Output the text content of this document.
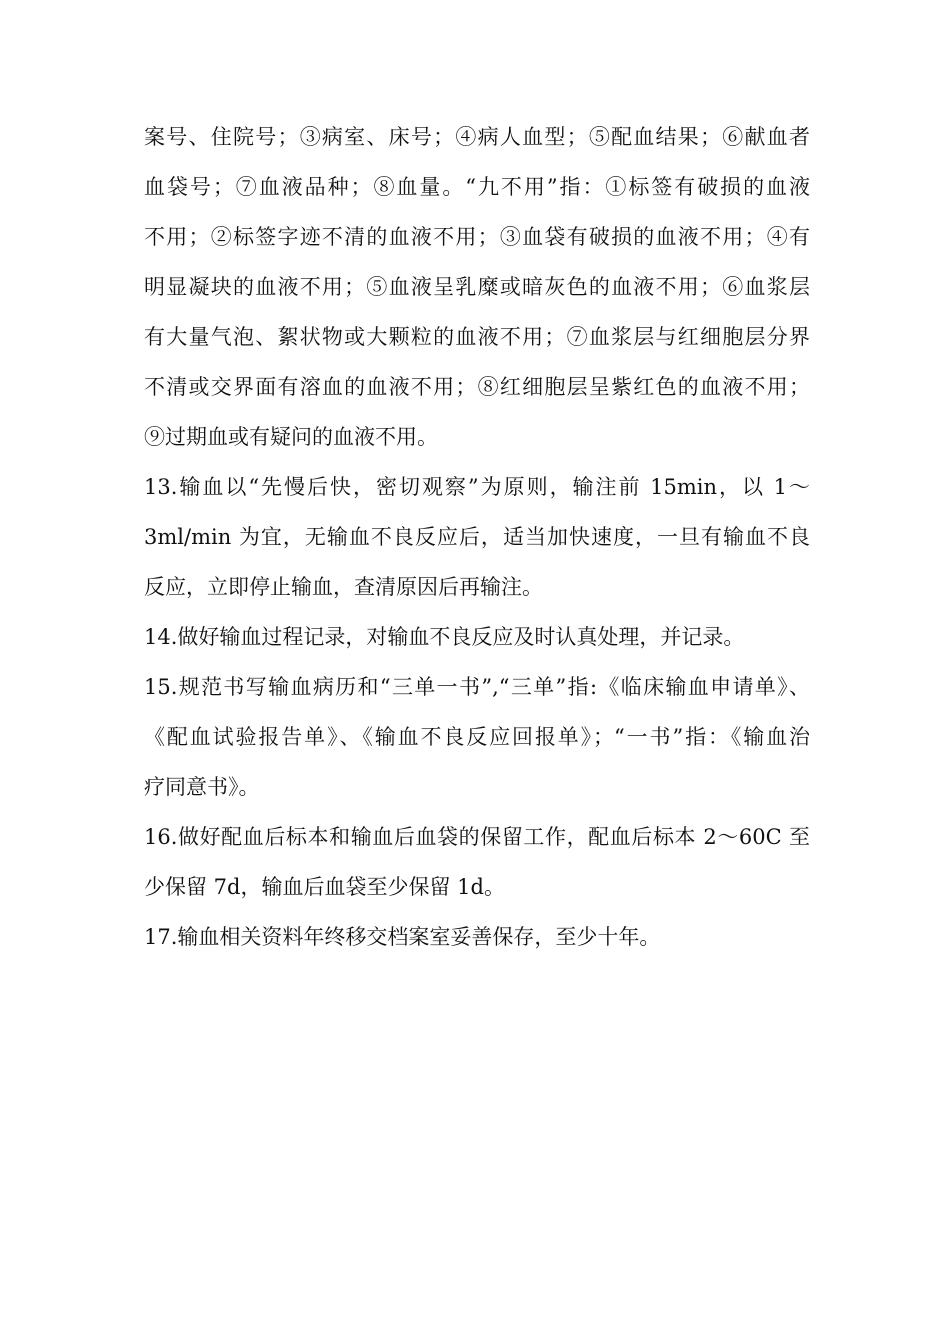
案号、住院号；③病室、床号；④病人血型；⑤配血结果；⑥献血者
血袋号；⑦血液品种；⑧血量。“九不用”指：①标签有破损的血液
不用；②标签字迹不清的血液不用；③血袋有破损的血液不用；④有
明显凝块的血液不用；⑤血液呈乳糜或暗灰色的血液不用；⑥血浆层
有大量气泡、絮状物或大颗粒的血液不用；⑦血浆层与红细胞层分界
不清或交界面有溶血的血液不用；⑧红细胞层呈紫红色的血液不用；
⑨过期血或有疑问的血液不用。
13.输血以“先慢后快，密切观察”为原则，输注前 15min，以 1～
3ml/min 为宜，无输血不良反应后，适当加快速度，一旦有输血不良
反应，立即停止输血，查清原因后再输注。
14.做好输血过程记录，对输血不良反应及时认真处理，并记录。
15.规范书写输血病历和“三单一书”,“三单”指:《临床输血申请单》、
《配血试验报告单》、《输血不良反应回报单》；“一书”指：《输血治
疗同意书》。
16.做好配血后标本和输血后血袋的保留工作，配血后标本 2～60C 至
少保留 7d，输血后血袋至少保留 1d。
17.输血相关资料年终移交档案室妥善保存，至少十年。
